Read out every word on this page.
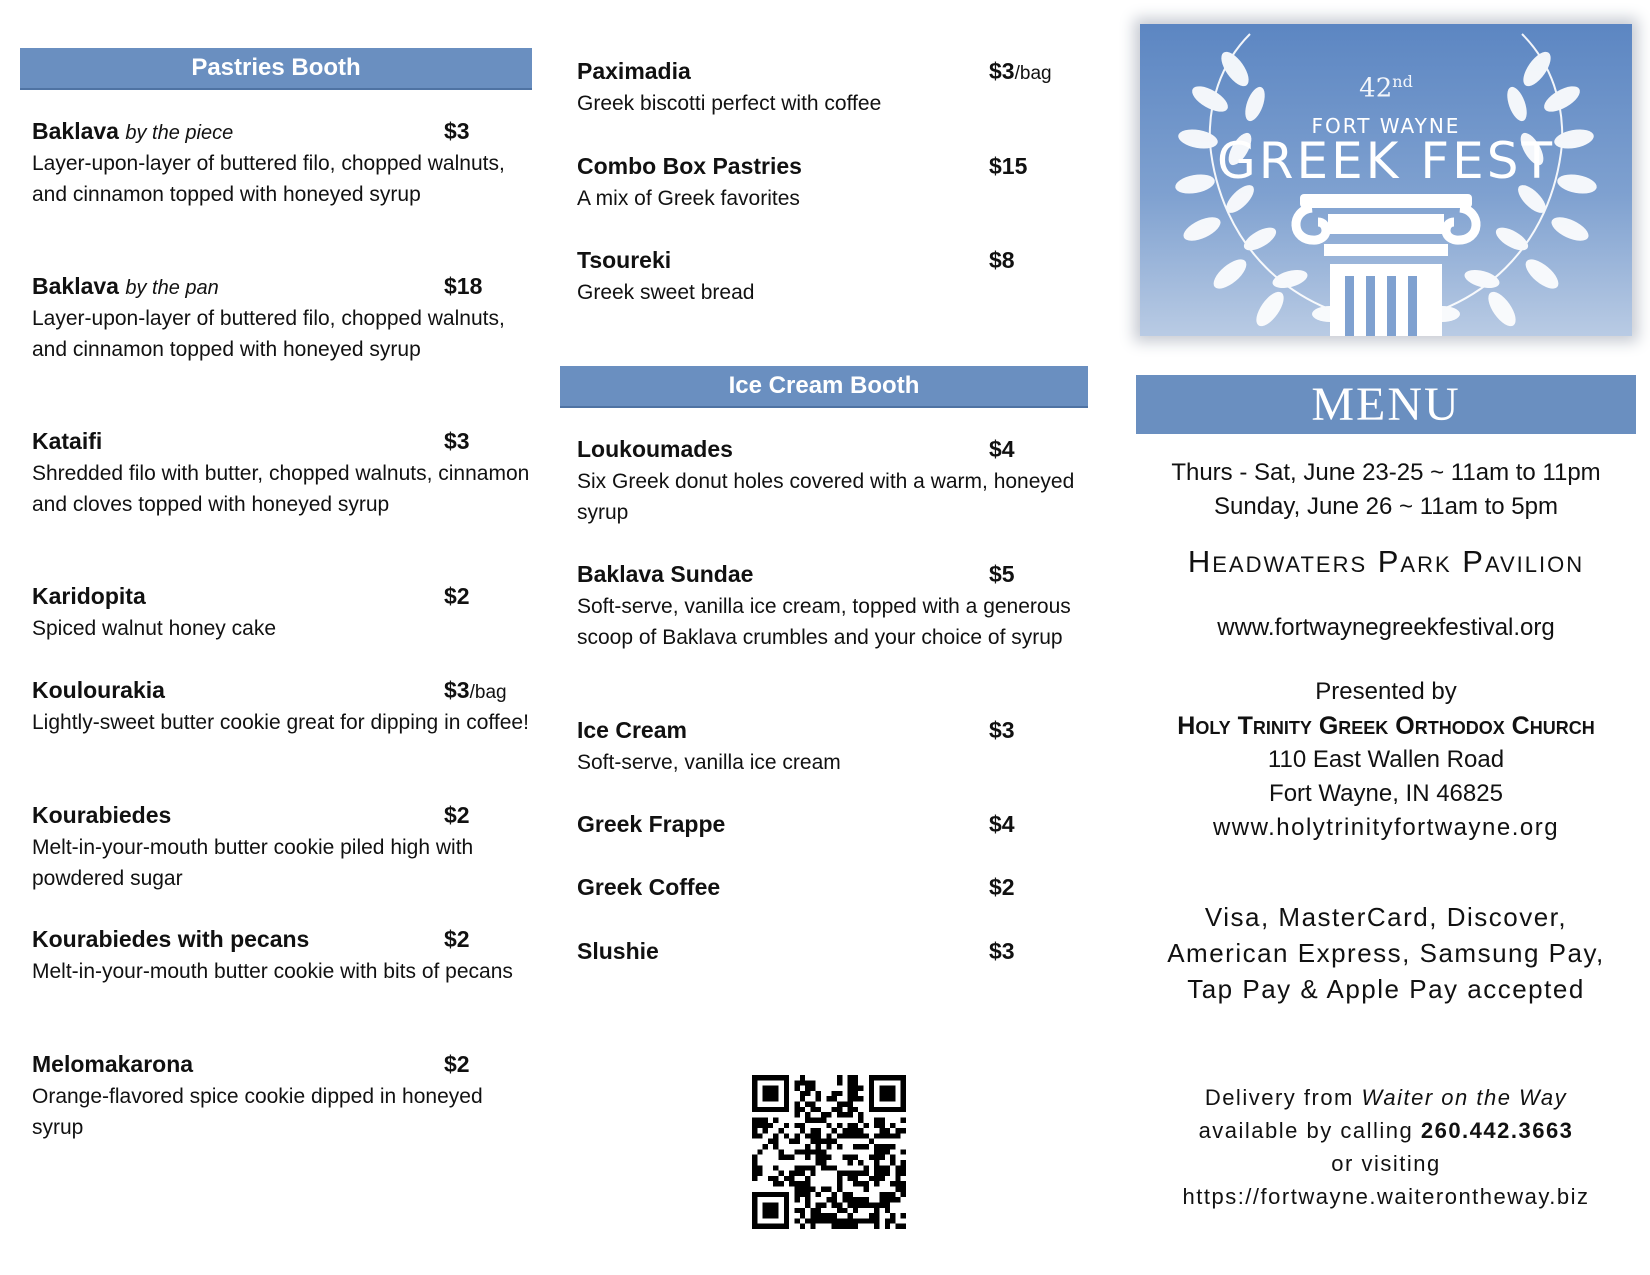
Pastries Booth
Baklava by the piece	$3
Layer-upon-layer of buttered filo, chopped walnuts, and cinnamon topped with honeyed syrup
Baklava by the pan	$18
Layer-upon-layer of buttered filo, chopped walnuts, and cinnamon topped with honeyed syrup
Kataifi	$3
Shredded filo with butter, chopped walnuts, cinnamon and cloves topped with honeyed syrup
Karidopita	$2
Spiced walnut honey cake
Koulourakia	$3/bag
Lightly-sweet butter cookie great for dipping in coffee!
Kourabiedes	$2
Melt-in-your-mouth butter cookie piled high with powdered sugar
Kourabiedes with pecans	$2
Melt-in-your-mouth butter cookie with bits of pecans
Melomakarona	$2
Orange-flavored spice cookie dipped in honeyed syrup
Paximadia	$3/bag
Greek biscotti perfect with coffee
Combo Box Pastries	$15
A mix of Greek favorites
Tsoureki	$8
Greek sweet bread
Ice Cream Booth
Loukoumades	$4
Six Greek donut holes covered with a warm, honeyed syrup
Baklava Sundae	$5
Soft-serve, vanilla ice cream, topped with a generous scoop of Baklava crumbles and your choice of syrup
Ice Cream	$3
Soft-serve, vanilla ice cream
Greek Frappe	$4
Greek Coffee	$2
Slushie	$3
42nd
FORT WAYNE
GREEK FEST
MENU
Thurs - Sat, June 23-25 ~ 11am to 11pm
Sunday, June 26 ~ 11am to 5pm
Headwaters Park Pavilion
www.fortwaynegreekfestival.org
Presented by
Holy Trinity Greek Orthodox Church
110 East Wallen Road
Fort Wayne, IN 46825
www.holytrinityfortwayne.org
Visa, MasterCard, Discover,
American Express, Samsung Pay,
Tap Pay & Apple Pay accepted
Delivery from Waiter on the Way
available by calling 260.442.3663
or visiting
https://fortwayne.waiterontheway.biz
